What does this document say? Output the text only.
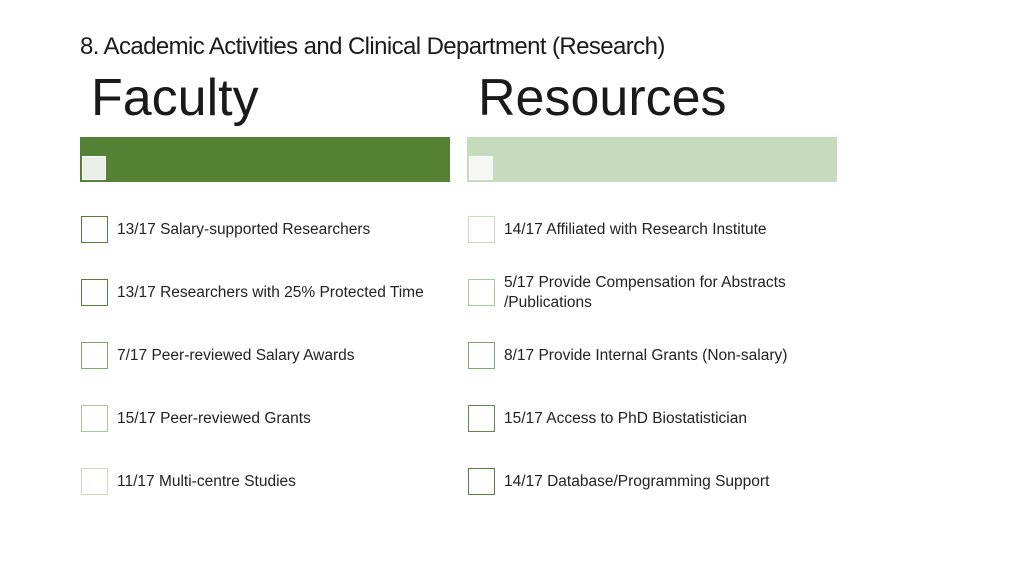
8. Academic Activities and Clinical Department (Research)
Faculty	Resources
13/17 Salary-supported Researchers
13/17 Researchers with 25% Protected Time
7/17 Peer-reviewed Salary Awards
15/17 Peer-reviewed Grants
11/17 Multi-centre Studies
14/17 Affiliated with Research Institute
5/17 Provide Compensation for Abstracts /Publications
8/17 Provide Internal Grants (Non-salary)
15/17 Access to PhD Biostatistician
14/17 Database/Programming Support
